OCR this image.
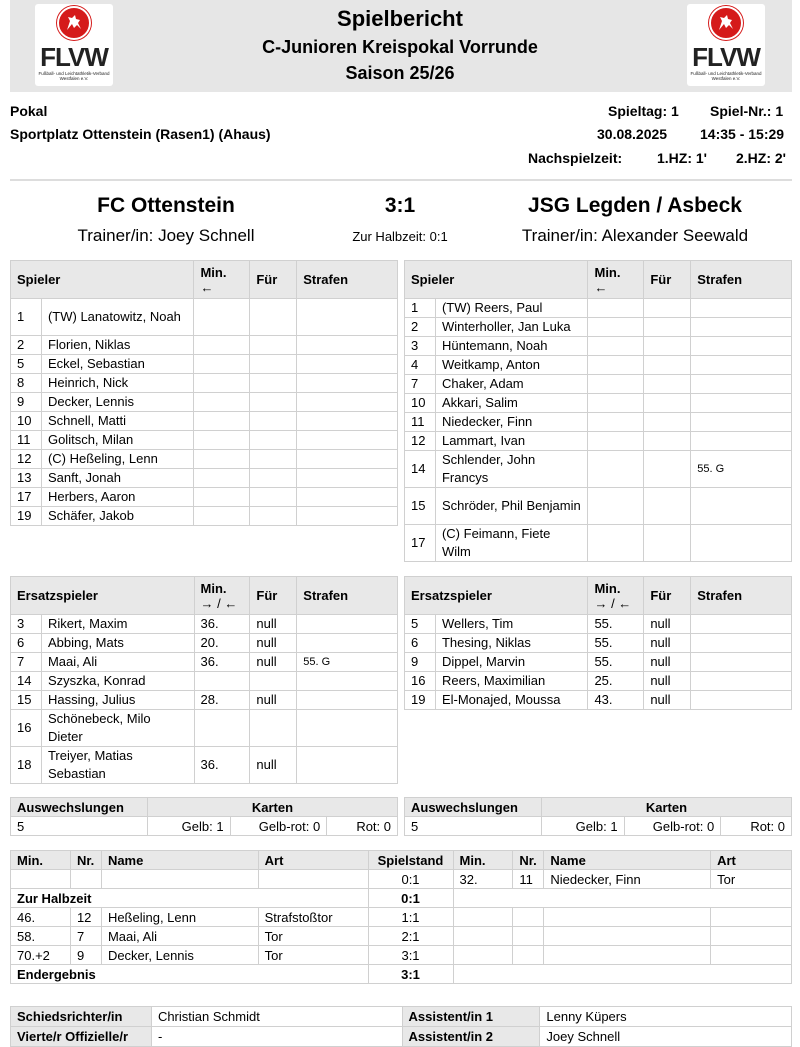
FLVW
Fußball- und Leichtathletik-Verband Westfalen e.V.
FLVW
Fußball- und Leichtathletik-Verband Westfalen e.V.
Spielbericht
C-Junioren Kreispokal Vorrunde
Saison 25/26
Pokal
Sportplatz Ottenstein (Rasen1) (Ahaus)
Spieltag: 1 Spiel-Nr.: 1
30.08.2025 14:35 - 15:29
Nachspielzeit: 1.HZ: 1' 2.HZ: 2'
FC Ottenstein	3:1	JSG Legden / Asbeck
Trainer/in: Joey Schnell	Zur Halbzeit: 0:1	Trainer/in: Alexander Seewald
Spieler		Min.
←	Für	Strafen
1	(TW) Lanatowitz, Noah			
2	Florien, Niklas			
5	Eckel, Sebastian			
8	Heinrich, Nick			
9	Decker, Lennis			
10	Schnell, Matti			
11	Golitsch, Milan			
12	(C) Heßeling, Lenn			
13	Sanft, Jonah			
17	Herbers, Aaron			
19	Schäfer, Jakob			
Spieler		Min.
←	Für	Strafen
1	(TW) Reers, Paul			
2	Winterholler, Jan Luka			
3	Hüntemann, Noah			
4	Weitkamp, Anton			
7	Chaker, Adam			
10	Akkari, Salim			
11	Niedecker, Finn			
12	Lammart, Ivan			
14	Schlender, John Francys			55. G
15	Schröder, Phil Benjamin			
17	(C) Feimann, Fiete Wilm			
Ersatzspieler		Min.
→ / ←	Für	Strafen
3	Rikert, Maxim	36.	null	
6	Abbing, Mats	20.	null	
7	Maai, Ali	36.	null	55. G
14	Szyszka, Konrad			
15	Hassing, Julius	28.	null	
16	Schönebeck, Milo Dieter			
18	Treiyer, Matias Sebastian	36.	null	
Ersatzspieler		Min.
→ / ←	Für	Strafen
5	Wellers, Tim	55.	null	
6	Thesing, Niklas	55.	null	
9	Dippel, Marvin	55.	null	
16	Reers, Maximilian	25.	null	
19	El-Monajed, Moussa	43.	null	
Auswechslungen	Karten		
5	Gelb: 1	Gelb-rot: 0	Rot: 0
Auswechslungen	Karten		
5	Gelb: 1	Gelb-rot: 0	Rot: 0
Min.	Nr.	Name	Art	Spielstand	Min.	Nr.	Name	Art
				0:1	32.	11	Niedecker, Finn	Tor
Zur Halbzeit				0:1				
46.	12	Heßeling, Lenn	Strafstoßtor	1:1				
58.	7	Maai, Ali	Tor	2:1				
70.+2	9	Decker, Lennis	Tor	3:1				
Endergebnis				3:1				
Schiedsrichter/in	Christian Schmidt	Assistent/in 1	Lenny Küpers
Vierte/r Offizielle/r	-	Assistent/in 2	Joey Schnell
